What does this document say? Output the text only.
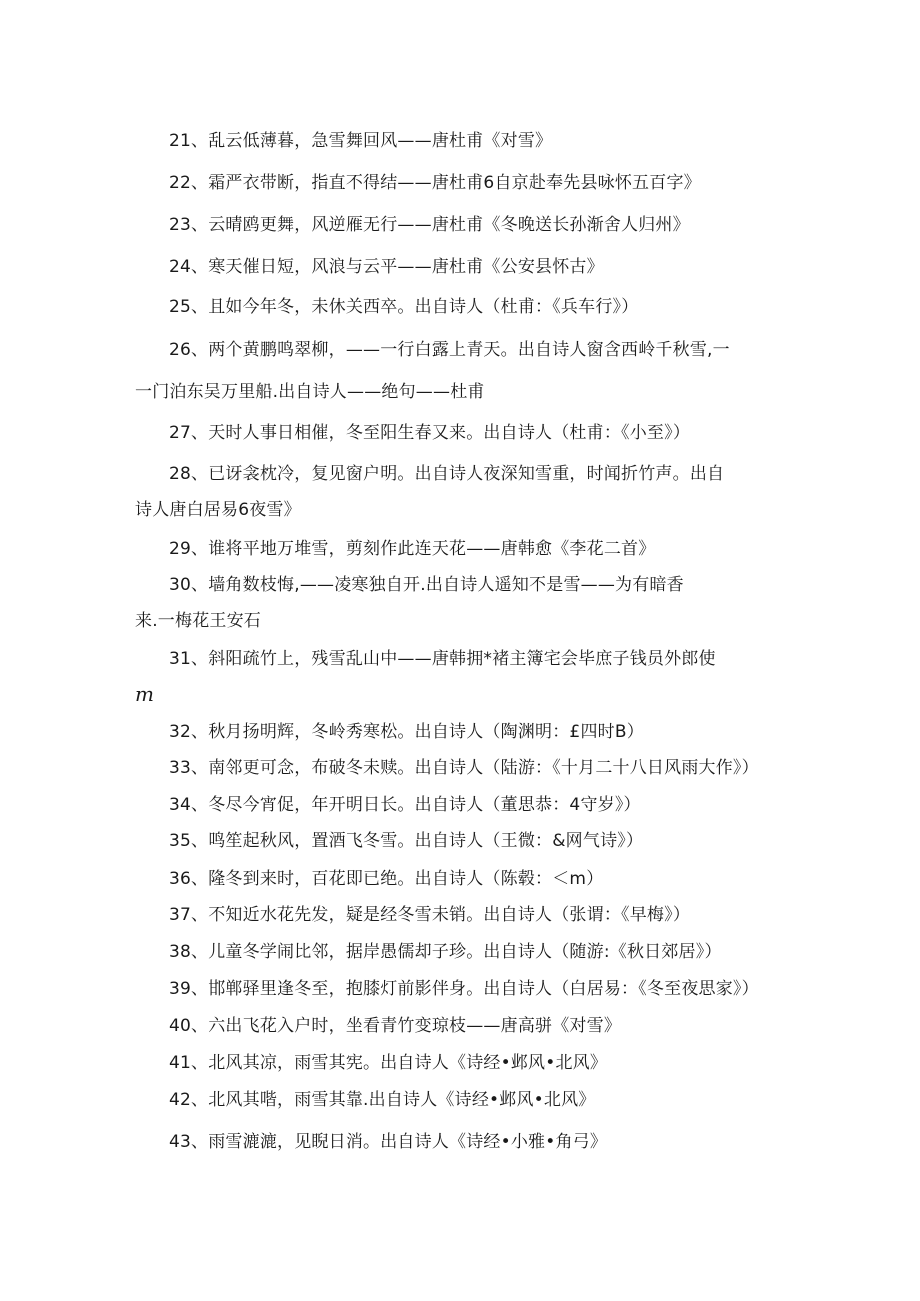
21、乱云低薄暮，急雪舞回风——唐杜甫《对雪》
22、霜严衣带断，指直不得结——唐杜甫6自京赴奉先县咏怀五百字》
23、云晴鸥更舞，风逆雁无行——唐杜甫《冬晚送长孙渐舍人归州》
24、寒天催日短，风浪与云平——唐杜甫《公安县怀古》
25、且如今年冬，未休关西卒。出自诗人（杜甫：《兵车行》）
26、两个黄鹏鸣翠柳，——一行白露上青天。出自诗人窗含西岭千秋雪,一
一门泊东吴万里船.出自诗人——绝句——杜甫
27、天时人事日相催，冬至阳生春又来。出自诗人（杜甫：《小至》）
28、已讶衾枕冷，复见窗户明。出自诗人夜深知雪重，时闻折竹声。出自
诗人唐白居易6夜雪》
29、谁将平地万堆雪，剪刻作此连天花——唐韩愈《李花二首》
30、墙角数枝悔,——凌寒独自开.出自诗人遥知不是雪——为有暗香
来.一梅花王安石
31、斜阳疏竹上，残雪乱山中——唐韩拥*褚主簿宅会毕庶子钱员外郎使
m
32、秋月扬明辉，冬岭秀寒松。出自诗人（陶渊明：£四时B）
33、南邻更可念，布破冬未赎。出自诗人（陆游：《十月二十八日风雨大作》）
34、冬尽今宵促，年开明日长。出自诗人（董思恭：4守岁》）
35、鸣笙起秋风，置酒飞冬雪。出自诗人（王微：&网气诗》）
36、隆冬到来时，百花即已绝。出自诗人（陈毂：＜m）
37、不知近水花先发，疑是经冬雪未销。出自诗人（张谓：《早梅》）
38、儿童冬学闹比邻，据岸愚儒却子珍。出自诗人（随游:《秋日郊居》）
39、邯郸驿里逢冬至，抱膝灯前影伴身。出自诗人（白居易：《冬至夜思家》）
40、六出飞花入户时，坐看青竹变琼枝——唐高骈《对雪》
41、北风其凉，雨雪其宪。出自诗人《诗经•邺风•北风》
42、北风其喈，雨雪其靠.出自诗人《诗经•邺风•北风》
43、雨雪漉漉，见睨日消。出自诗人《诗经•小雅•角弓》
